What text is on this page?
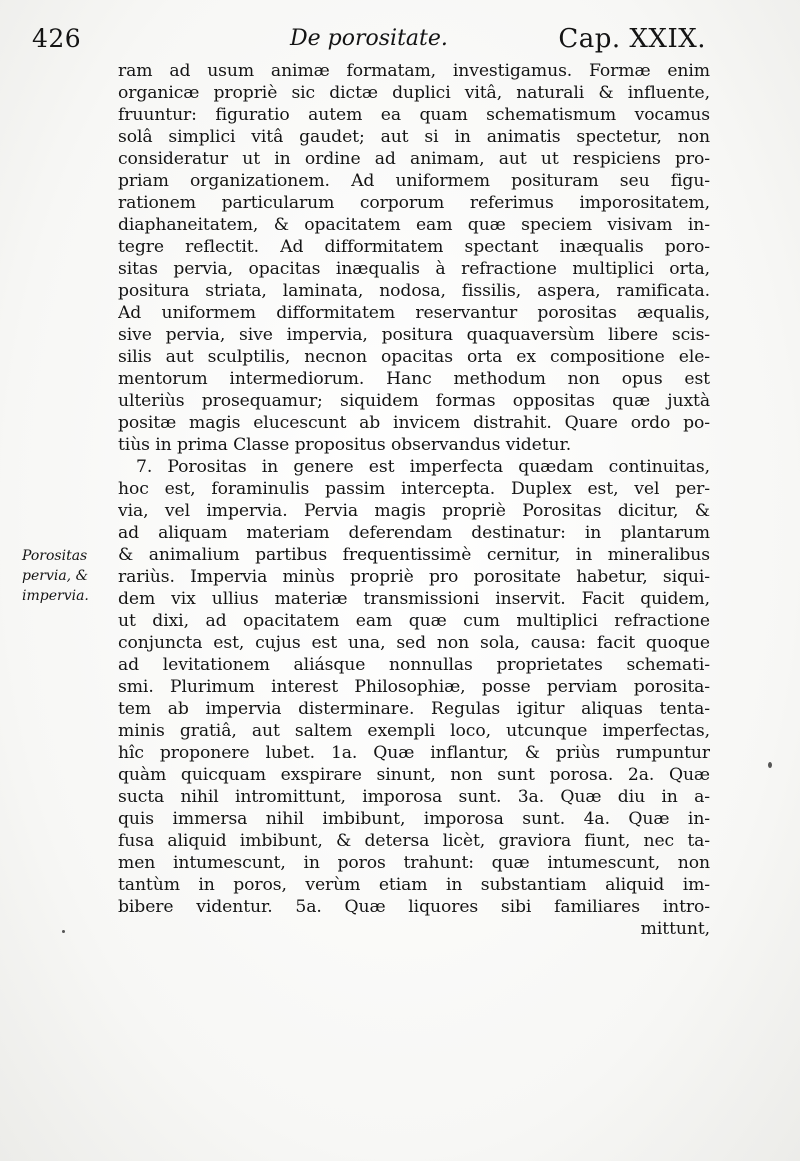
426	De porositate.	Cap. XXIX.
Porositas
pervia, &
impervia.
ram ad usum animæ formatam, investigamus. Formæ enim
organicæ propriè sic dictæ duplici vitâ, naturali & influente,
fruuntur: figuratio autem ea quam schematismum vocamus
solâ simplici vitâ gaudet; aut si in animatis spectetur, non
consideratur ut in ordine ad animam, aut ut respiciens pro-
priam organizationem. Ad uniformem posituram seu figu-
rationem particularum corporum referimus imporositatem,
diaphaneitatem, & opacitatem eam quæ speciem visivam in-
tegre reflectit. Ad difformitatem spectant inæqualis poro-
sitas pervia, opacitas inæqualis à refractione multiplici orta,
positura striata, laminata, nodosa, fissilis, aspera, ramificata.
Ad uniformem difformitatem reservantur porositas æqualis,
sive pervia, sive impervia, positura quaquaversùm libere scis-
silis aut sculptilis, necnon opacitas orta ex compositione ele-
mentorum intermediorum. Hanc methodum non opus est
ulteriùs prosequamur; siquidem formas oppositas quæ juxtà
positæ magis elucescunt ab invicem distrahit. Quare ordo po-
tiùs in prima Classe propositus observandus videtur.
7. Porositas in genere est imperfecta quædam continuitas,
hoc est, foraminulis passim intercepta. Duplex est, vel per-
via, vel impervia. Pervia magis propriè Porositas dicitur, &
ad aliquam materiam deferendam destinatur: in plantarum
& animalium partibus frequentissimè cernitur, in mineralibus
rariùs. Impervia minùs propriè pro porositate habetur, siqui-
dem vix ullius materiæ transmissioni inservit. Facit quidem,
ut dixi, ad opacitatem eam quæ cum multiplici refractione
conjuncta est, cujus est una, sed non sola, causa: facit quoque
ad levitationem aliásque nonnullas proprietates schemati-
smi. Plurimum interest Philosophiæ, posse perviam porosita-
tem ab impervia disterminare. Regulas igitur aliquas tenta-
minis gratiâ, aut saltem exempli loco, utcunque imperfectas,
hîc proponere lubet. 1a. Quæ inflantur, & priùs rumpuntur
quàm quicquam exspirare sinunt, non sunt porosa. 2a. Quæ
sucta nihil intromittunt, imporosa sunt. 3a. Quæ diu in a-
quis immersa nihil imbibunt, imporosa sunt. 4a. Quæ in-
fusa aliquid imbibunt, & detersa licèt, graviora fiunt, nec ta-
men intumescunt, in poros trahunt: quæ intumescunt, non
tantùm in poros, verùm etiam in substantiam aliquid im-
bibere videntur. 5a. Quæ liquores sibi familiares intro-
mittunt,
